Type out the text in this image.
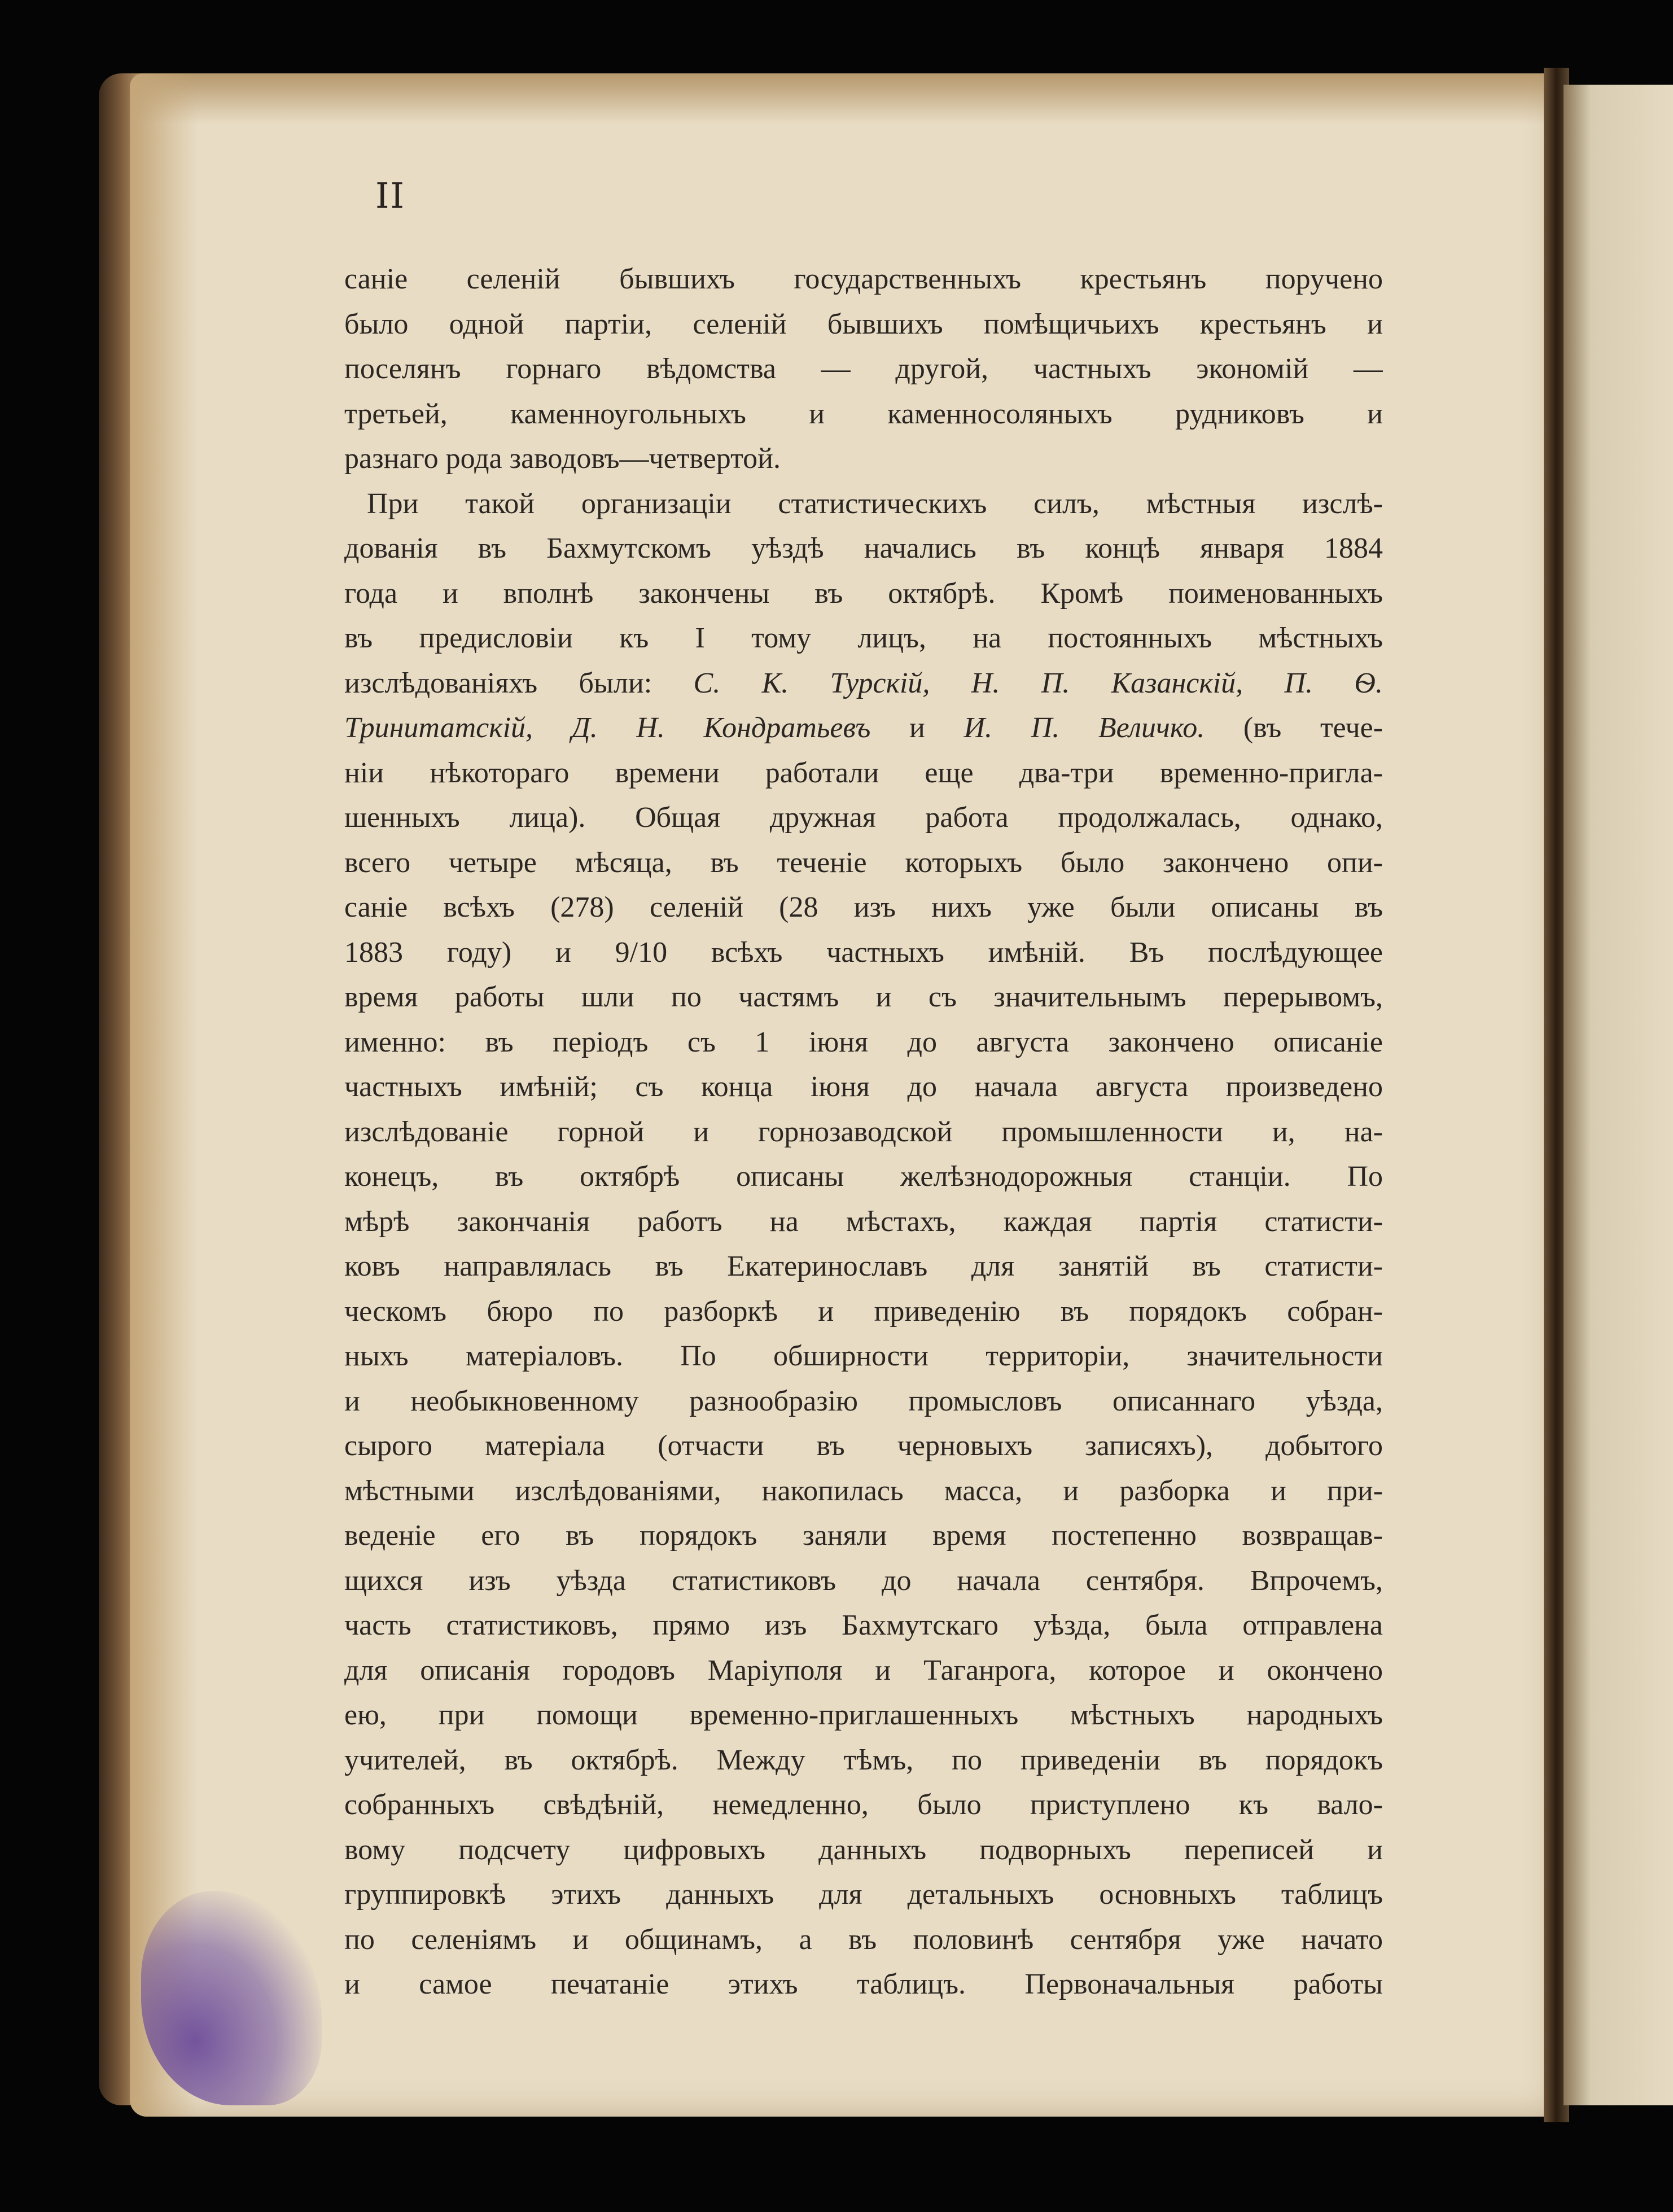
II
саніе селеній бывшихъ государственныхъ крестьянъ поручено
было одной партіи, селеній бывшихъ помѣщичьихъ крестьянъ и
поселянъ горнаго вѣдомства — другой, частныхъ экономій —
третьей, каменноугольныхъ и каменносоляныхъ рудниковъ и
разнаго рода заводовъ—четвертой.
При такой организаціи статистическихъ силъ, мѣстныя изслѣ-
дованія въ Бахмутскомъ уѣздѣ начались въ концѣ января 1884
года и вполнѣ закончены въ октябрѣ. Кромѣ поименованныхъ
въ предисловіи къ I тому лицъ, на постоянныхъ мѣстныхъ
изслѣдованіяхъ были: С. К. Турскій, Н. П. Казанскій, П. Ѳ.
Тринитатскій, Д. Н. Кондратьевъ и И. П. Величко. (въ тече-
ніи нѣкотораго времени работали еще два-три временно-пригла-
шенныхъ лица). Общая дружная работа продолжалась, однако,
всего четыре мѣсяца, въ теченіе которыхъ было закончено опи-
саніе всѣхъ (278) селеній (28 изъ нихъ уже были описаны въ
1883 году) и 9/10 всѣхъ частныхъ имѣній. Въ послѣдующее
время работы шли по частямъ и съ значительнымъ перерывомъ,
именно: въ періодъ съ 1 іюня до августа закончено описаніе
частныхъ имѣній; съ конца іюня до начала августа произведено
изслѣдованіе горной и горнозаводской промышленности и, на-
конецъ, въ октябрѣ описаны желѣзнодорожныя станціи. По
мѣрѣ закончанія работъ на мѣстахъ, каждая партія статисти-
ковъ направлялась въ Екатеринославъ для занятій въ статисти-
ческомъ бюро по разборкѣ и приведенію въ порядокъ собран-
ныхъ матеріаловъ. По обширности территоріи, значительности
и необыкновенному разнообразію промысловъ описаннаго уѣзда,
сырого матеріала (отчасти въ черновыхъ записяхъ), добытого
мѣстными изслѣдованіями, накопилась масса, и разборка и при-
веденіе его въ порядокъ заняли время постепенно возвращав-
щихся изъ уѣзда статистиковъ до начала сентября. Впрочемъ,
часть статистиковъ, прямо изъ Бахмутскаго уѣзда, была отправлена
для описанія городовъ Маріуполя и Таганрога, которое и окончено
ею, при помощи временно-приглашенныхъ мѣстныхъ народныхъ
учителей, въ октябрѣ. Между тѣмъ, по приведеніи въ порядокъ
собранныхъ свѣдѣній, немедленно, было приступлено къ вало-
вому подсчету цифровыхъ данныхъ подворныхъ переписей и
группировкѣ этихъ данныхъ для детальныхъ основныхъ таблицъ
по селеніямъ и общинамъ, а въ половинѣ сентября уже начато
и самое печатаніе этихъ таблицъ. Первоначальныя работы
